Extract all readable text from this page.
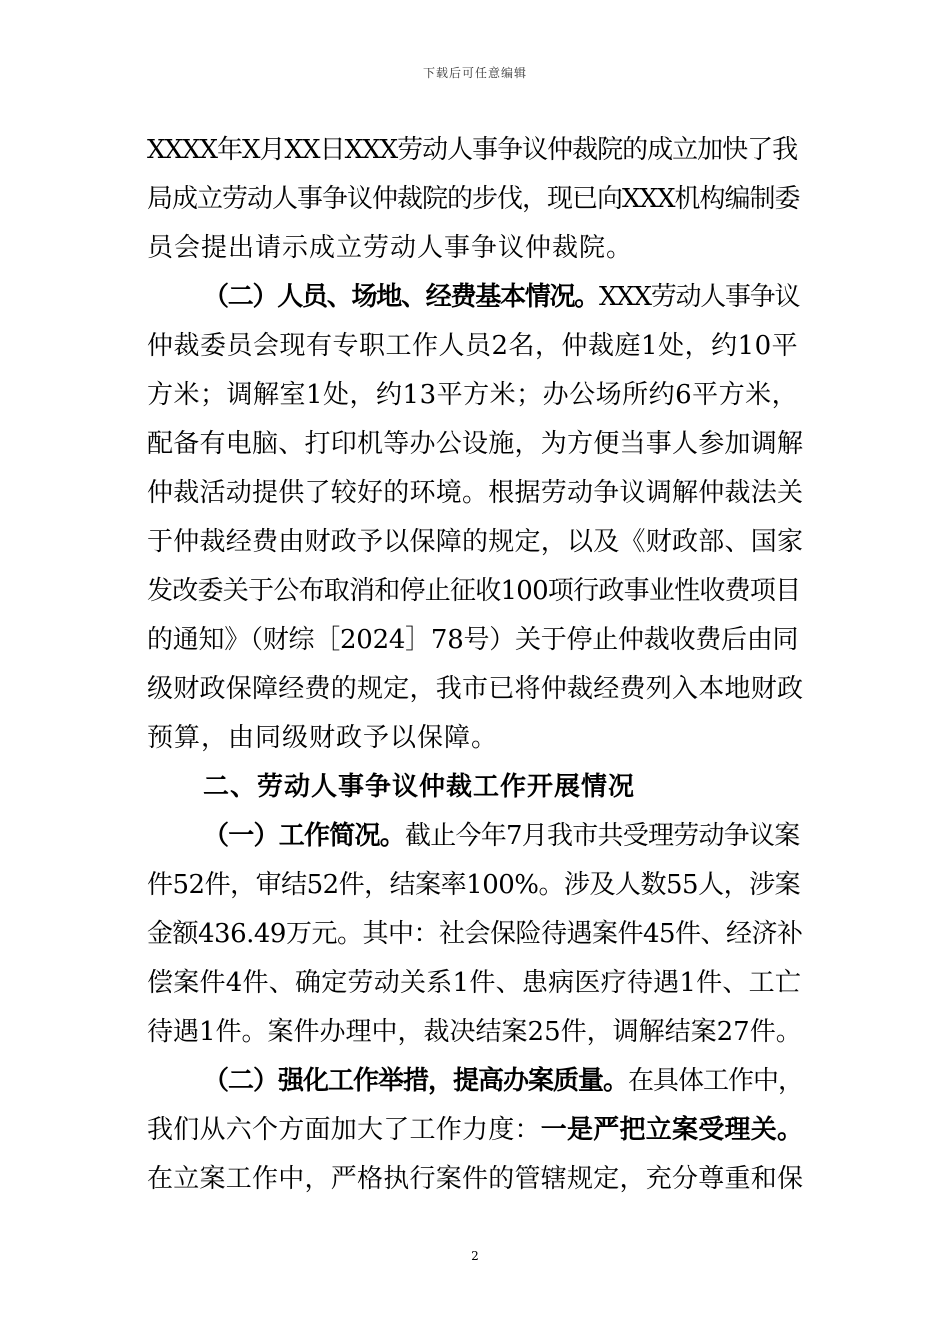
下载后可任意编辑
XXXX年X月XX日XXX劳动人事争议仲裁院的成立加快了我
局成立劳动人事争议仲裁院的步伐，现已向XXX机构编制委
员会提出请示成立劳动人事争议仲裁院。
（二）人员、场地、经费基本情况。XXX劳动人事争议
仲裁委员会现有专职工作人员2名，仲裁庭1处，约10平
方米；调解室1处，约13平方米；办公场所约6平方米，
配备有电脑、打印机等办公设施，为方便当事人参加调解
仲裁活动提供了较好的环境。根据劳动争议调解仲裁法关
于仲裁经费由财政予以保障的规定，以及《财政部、国家
发改委关于公布取消和停止征收100项行政事业性收费项目
的通知》（财综［2024］78号）关于停止仲裁收费后由同
级财政保障经费的规定，我市已将仲裁经费列入本地财政
预算，由同级财政予以保障。
二、劳动人事争议仲裁工作开展情况
（一）工作简况。截止今年7月我市共受理劳动争议案
件52件，审结52件，结案率100%。涉及人数55人，涉案
金额436.49万元。其中：社会保险待遇案件45件、经济补
偿案件4件、确定劳动关系1件、患病医疗待遇1件、工亡
待遇1件。案件办理中，裁决结案25件，调解结案27件。
（二）强化工作举措，提高办案质量。在具体工作中，
我们从六个方面加大了工作力度：一是严把立案受理关。
在立案工作中，严格执行案件的管辖规定，充分尊重和保
2
